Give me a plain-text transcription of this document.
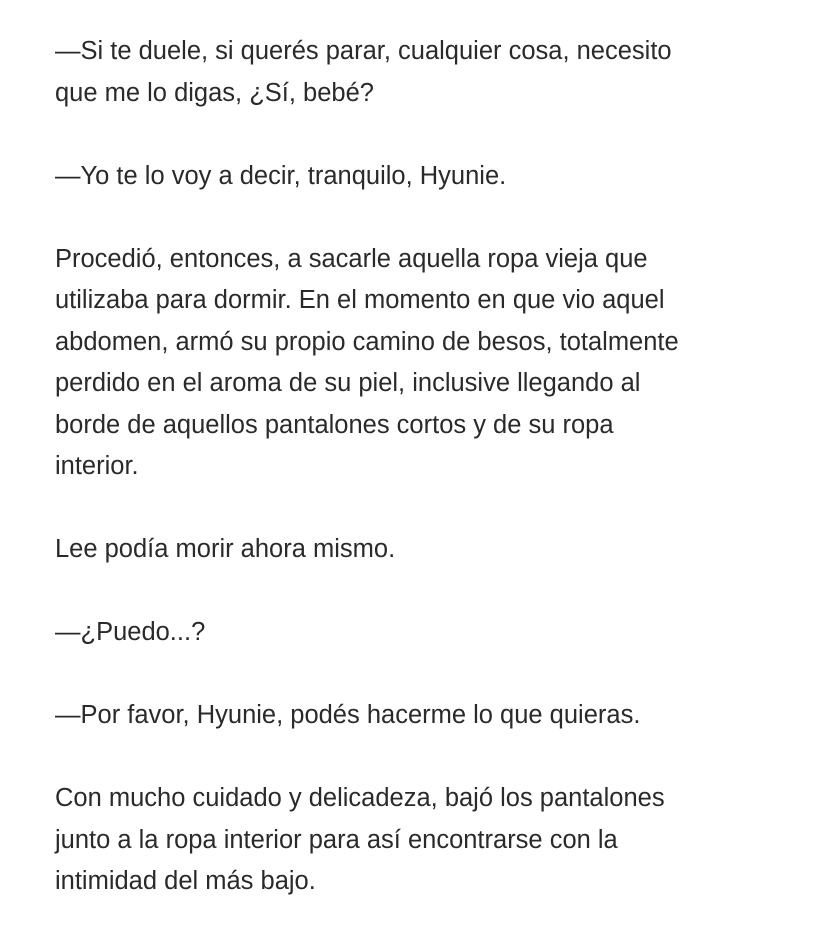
—Si te duele, si querés parar, cualquier cosa, necesito
que me lo digas, ¿Sí, bebé?

—Yo te lo voy a decir, tranquilo, Hyunie.

Procedió, entonces, a sacarle aquella ropa vieja que
utilizaba para dormir. En el momento en que vio aquel
abdomen, armó su propio camino de besos, totalmente
perdido en el aroma de su piel, inclusive llegando al
borde de aquellos pantalones cortos y de su ropa
interior.

Lee podía morir ahora mismo.

—¿Puedo...?

—Por favor, Hyunie, podés hacerme lo que quieras.

Con mucho cuidado y delicadeza, bajó los pantalones
junto a la ropa interior para así encontrarse con la
intimidad del más bajo.
